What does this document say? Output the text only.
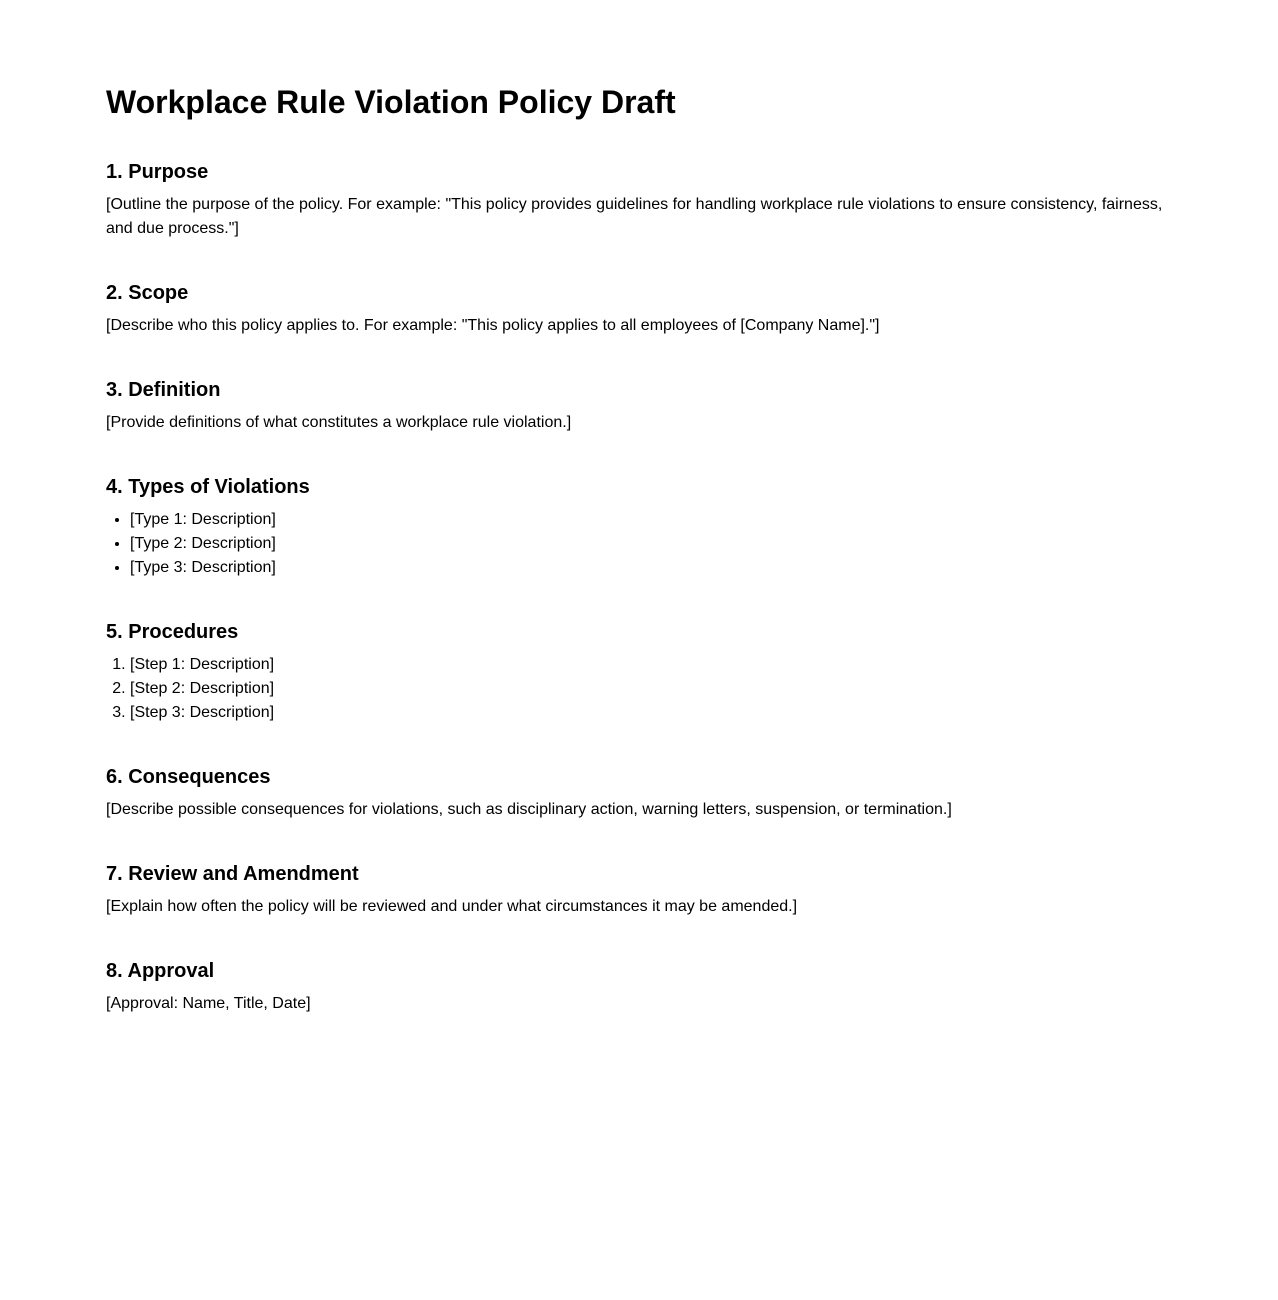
Workplace Rule Violation Policy Draft
1. Purpose

[Outline the purpose of the policy. For example: "This policy provides guidelines for handling workplace rule violations to ensure consistency, fairness, and due process."]

2. Scope

[Describe who this policy applies to. For example: "This policy applies to all employees of [Company Name]."]

3. Definition

[Provide definitions of what constitutes a workplace rule violation.]

4. Types of Violations
• [Type 1: Description]
• [Type 2: Description]
• [Type 3: Description]
5. Procedures
1. [Step 1: Description]
2. [Step 2: Description]
3. [Step 3: Description]
6. Consequences

[Describe possible consequences for violations, such as disciplinary action, warning letters, suspension, or termination.]

7. Review and Amendment

[Explain how often the policy will be reviewed and under what circumstances it may be amended.]

8. Approval

[Approval: Name, Title, Date]
